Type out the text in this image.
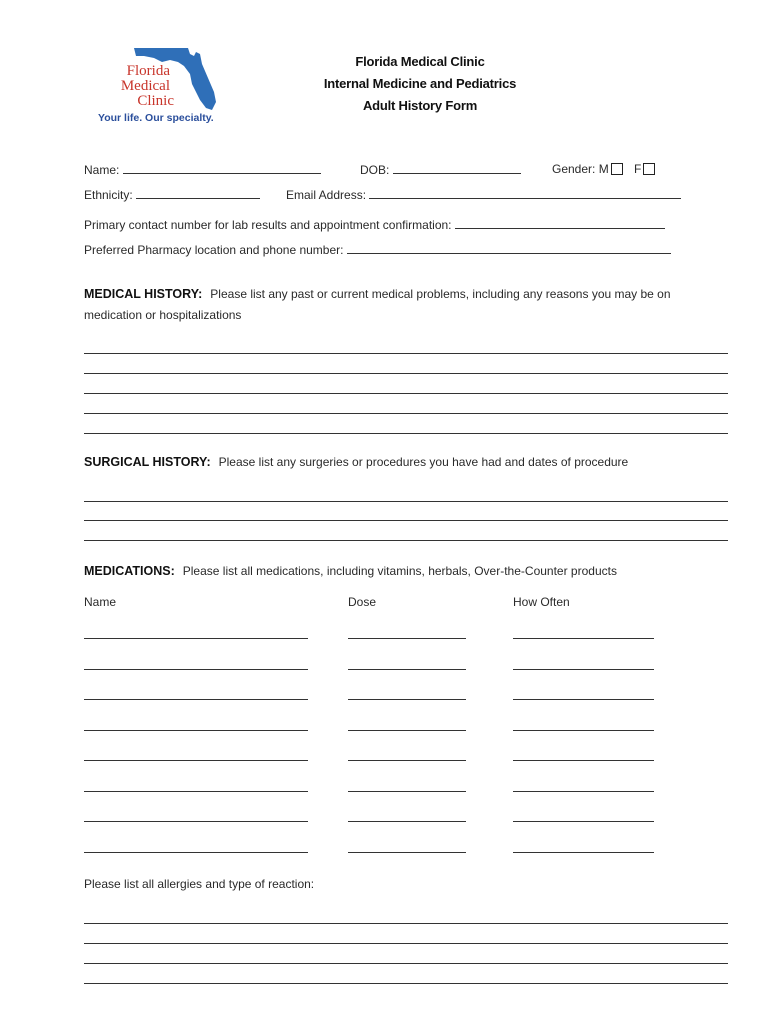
Florida
Medical
Clinic
Your life. Our specialty.
Florida Medical Clinic
Internal Medicine and Pediatrics
Adult History Form
Name:	DOB:	Gender: M F
Ethnicity:	Email Address:
Primary contact number for lab results and appointment confirmation:
Preferred Pharmacy location and phone number:
MEDICAL HISTORY: Please list any past or current medical problems, including any reasons you may be on
medication or hospitalizations
SURGICAL HISTORY: Please list any surgeries or procedures you have had and dates of procedure
MEDICATIONS: Please list all medications, including vitamins, herbals, Over-the-Counter products
Name	Dose	How Often
Please list all allergies and type of reaction:
